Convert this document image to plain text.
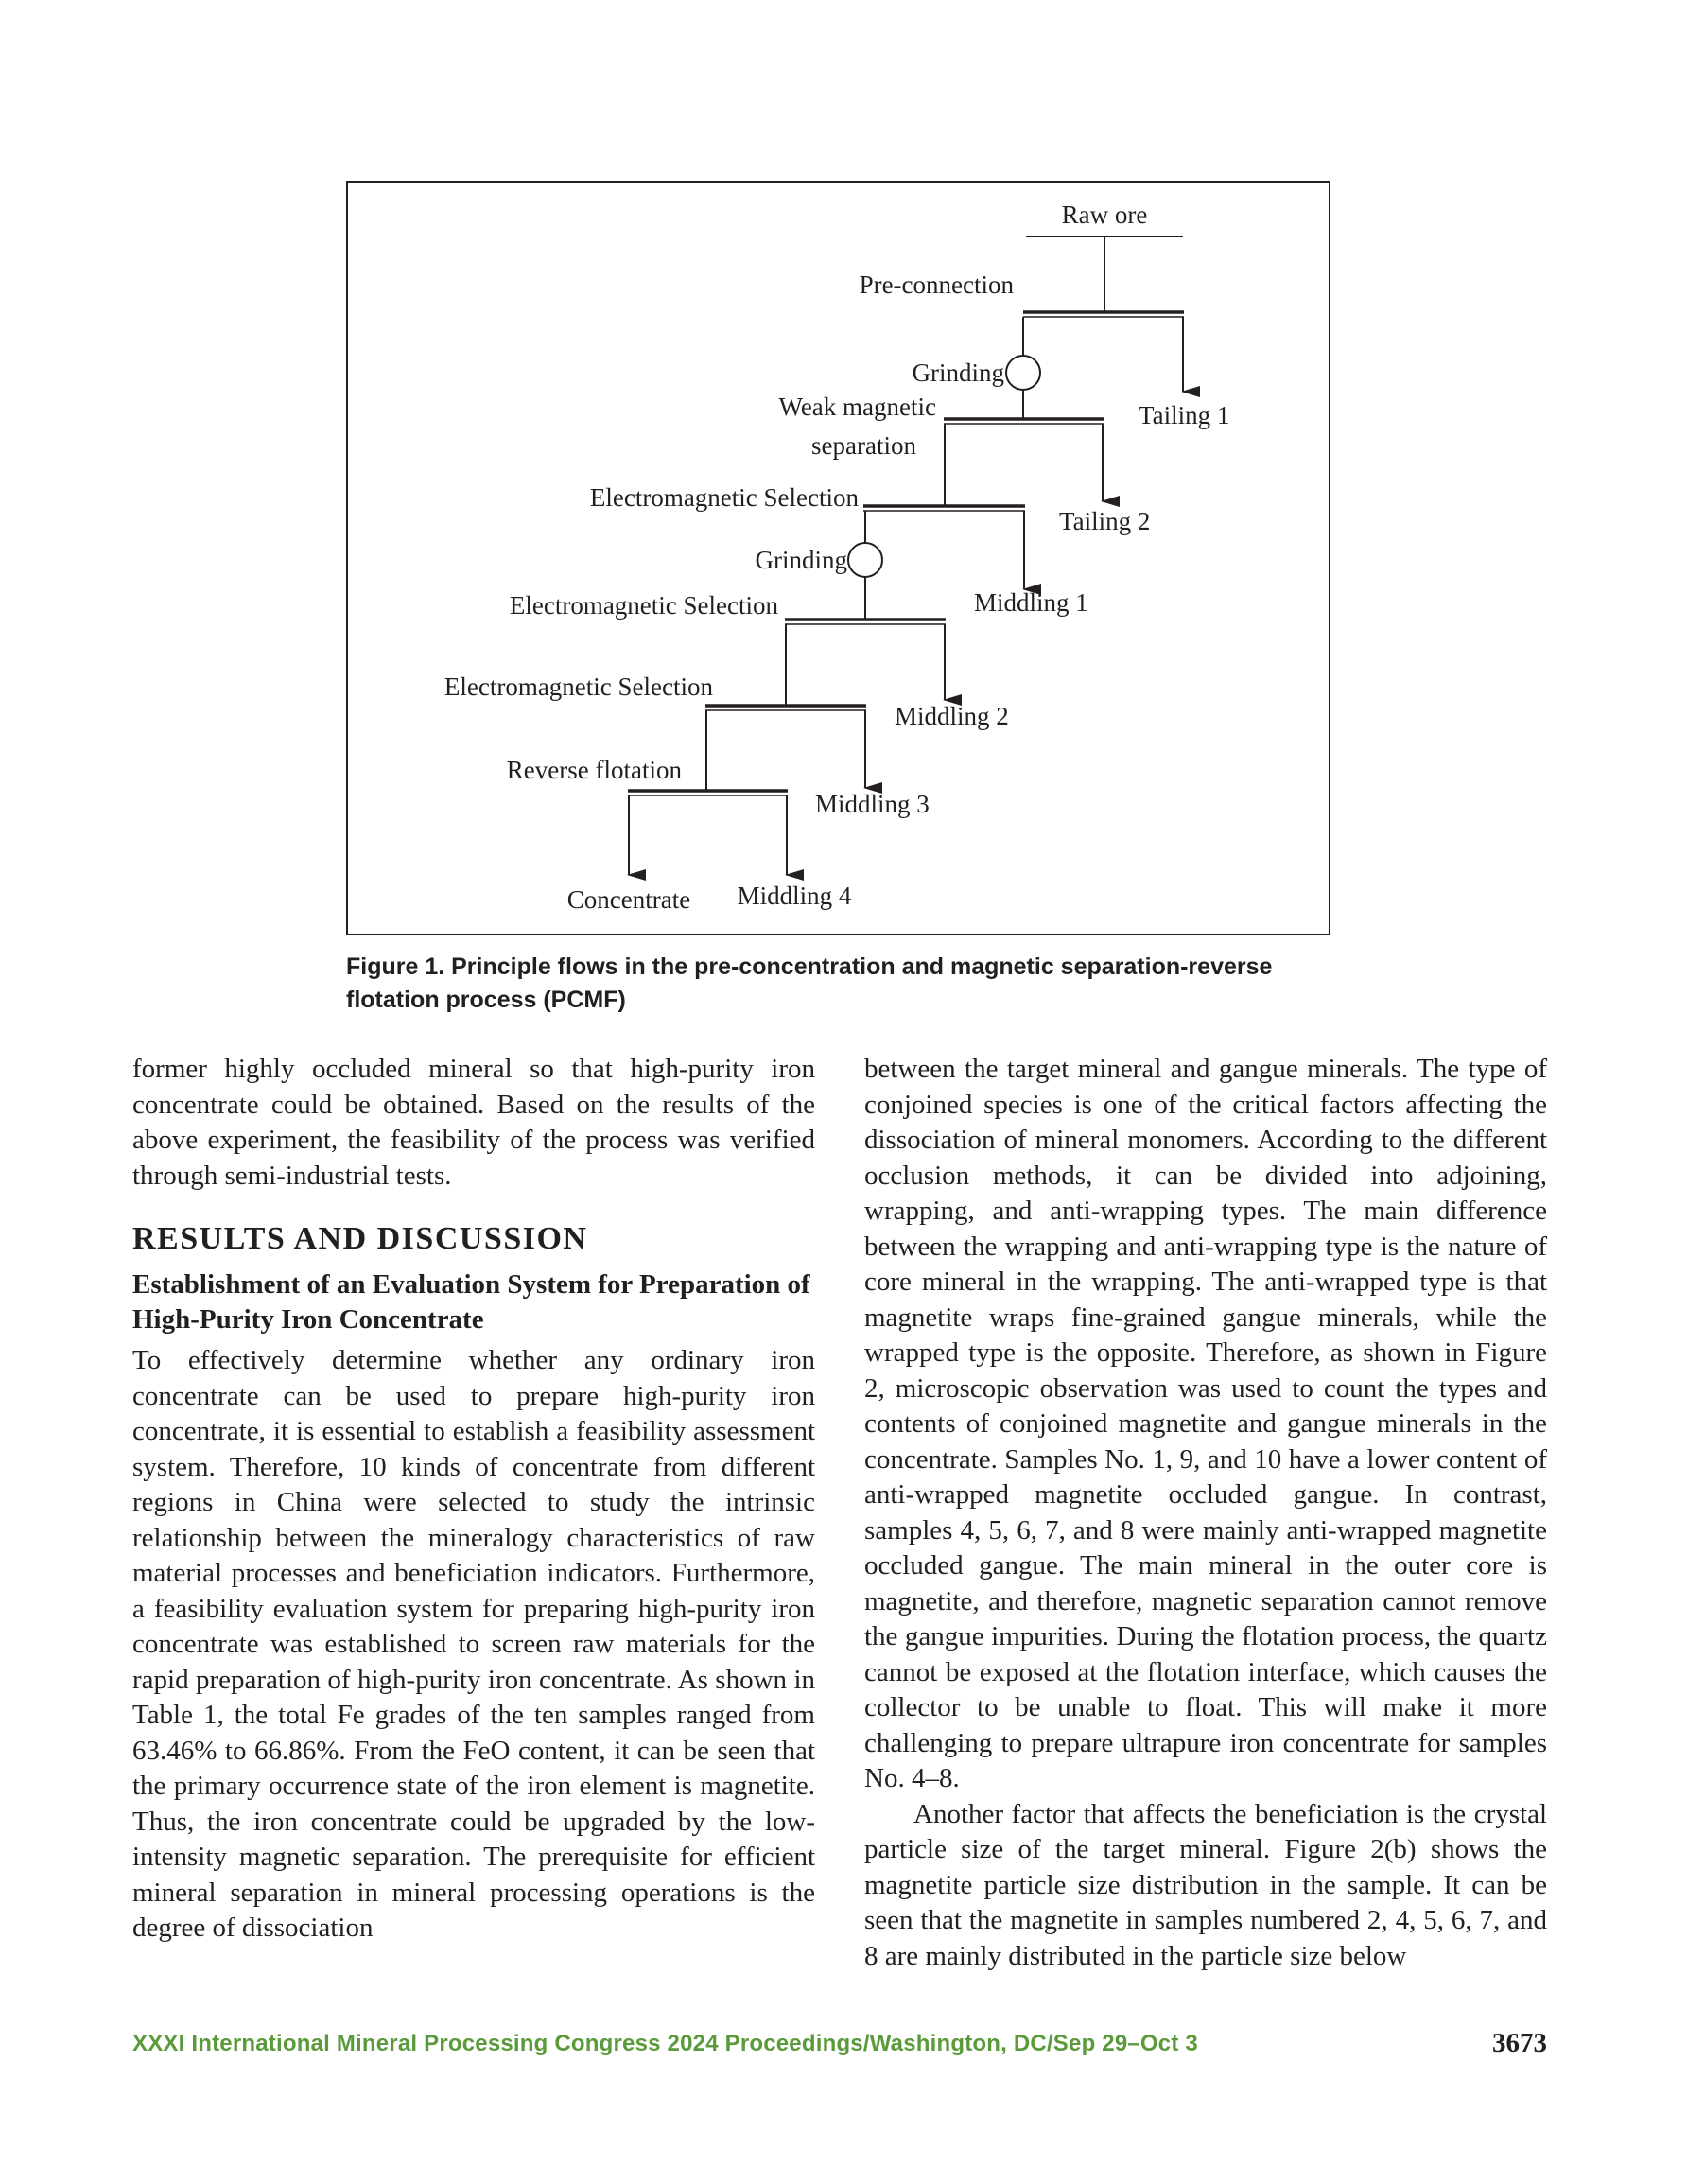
Raw ore
Pre-connection
Grinding
Weak magnetic
separation
Tailing 1
Electromagnetic Selection
Tailing 2
Grinding
Electromagnetic Selection	Middling 1
Electromagnetic Selection
Middling 2
Reverse flotation
Middling 3
Concentrate Middling 4
Figure 1. Principle flows in the pre-concentration and magnetic separation-reverse
flotation process (PCMF)

former highly occluded mineral so that high-purity iron concentrate could be obtained. Based on the results of the above experiment, the feasibility of the process was verified through semi-industrial tests.

RESULTS AND DISCUSSION
Establishment of an Evaluation System for Preparation of High-Purity Iron Concentrate

To effectively determine whether any ordinary iron concentrate can be used to prepare high-purity iron concentrate, it is essential to establish a feasibility assessment system. Therefore, 10 kinds of concentrate from different regions in China were selected to study the intrinsic relationship between the mineralogy characteristics of raw material processes and beneficiation indicators. Furthermore, a feasibility evaluation system for preparing high-purity iron concentrate was established to screen raw materials for the rapid preparation of high-purity iron concentrate. As shown in Table 1, the total Fe grades of the ten samples ranged from 63.46% to 66.86%. From the FeO content, it can be seen that the primary occurrence state of the iron element is magnetite. Thus, the iron concentrate could be upgraded by the low-intensity magnetic separation. The prerequisite for efficient mineral separation in mineral processing operations is the degree of dissociation

between the target mineral and gangue minerals. The type of conjoined species is one of the critical factors affecting the dissociation of mineral monomers. According to the different occlusion methods, it can be divided into adjoining, wrapping, and anti-wrapping types. The main difference between the wrapping and anti-wrapping type is the nature of core mineral in the wrapping. The anti-wrapped type is that magnetite wraps fine-grained gangue minerals, while the wrapped type is the opposite. Therefore, as shown in Figure 2, microscopic observation was used to count the types and contents of conjoined magnetite and gangue minerals in the concentrate. Samples No. 1, 9, and 10 have a lower content of anti-wrapped magnetite occluded gangue. In contrast, samples 4, 5, 6, 7, and 8 were mainly anti-wrapped magnetite occluded gangue. The main mineral in the outer core is magnetite, and therefore, magnetic separation cannot remove the gangue impurities. During the flotation process, the quartz cannot be exposed at the flotation interface, which causes the collector to be unable to float. This will make it more challenging to prepare ultrapure iron concentrate for samples No. 4–8.

Another factor that affects the beneficiation is the crystal particle size of the target mineral. Figure 2(b) shows the magnetite particle size distribution in the sample. It can be seen that the magnetite in samples numbered 2, 4, 5, 6, 7, and 8 are mainly distributed in the particle size below

XXXI International Mineral Processing Congress 2024 Proceedings/Washington, DC/Sep 29–Oct 3	3673
